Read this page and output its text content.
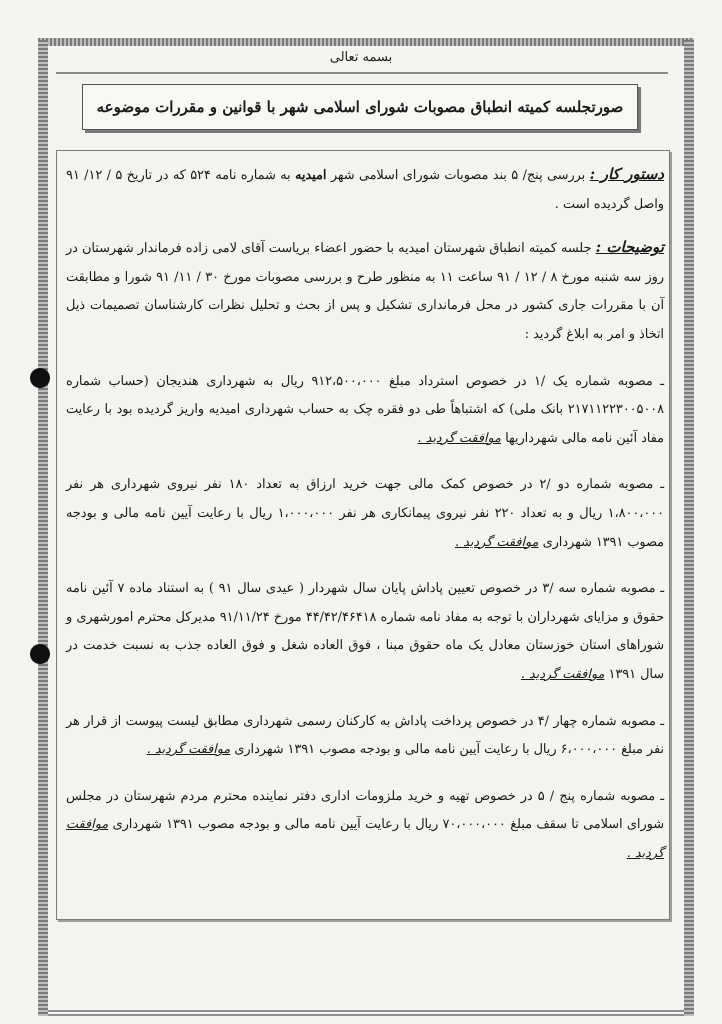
بسمه تعالی
صورتجلسه کمیته انطباق مصوبات شورای اسلامی شهر با قوانین و مقررات موضوعه

دستور کار : بررسی پنج/ ۵ بند مصوبات شورای اسلامی شهر امیدیه به شماره نامه ۵۲۴ که در تاریخ ۵ / ۱۲/ ۹۱ واصل گردیده است .

توضیحات : جلسه کمیته انطباق شهرستان امیدیه با حضور اعضاء بریاست آقای لامی زاده فرماندار شهرستان در روز سه شنبه مورخ ۸ / ۱۲ / ۹۱ ساعت ۱۱ به منظور طرح و بررسی مصوبات مورخ ۳۰ / ۱۱/ ۹۱ شورا و مطابقت آن با مقررات جاری کشور در محل فرمانداری تشکیل و پس از بحث و تحلیل نظرات کارشناسان تصمیمات ذیل اتخاذ و امر به ابلاغ گردید :

ـ مصوبه شماره یک /۱ در خصوص استرداد مبلغ ۹۱۲،۵۰۰،۰۰۰ ریال به شهرداری هندیجان (حساب شماره ۲۱۷۱۱۲۲۳۰۰۵۰۰۸ بانک ملی) که اشتباهاً طی دو فقره چک به حساب شهرداری امیدیه واریز گردیده بود با رعایت مفاد آئین نامه مالی شهرداریها موافقت گردید .

ـ مصوبه شماره دو /۲ در خصوص کمک مالی جهت خرید ارزاق به تعداد ۱۸۰ نفر نیروی شهرداری هر نفر ۱،۸۰۰،۰۰۰ ریال و به تعداد ۲۲۰ نفر نیروی پیمانکاری هر نفر ۱،۰۰۰،۰۰۰ ریال با رعایت آیین نامه مالی و بودجه مصوب ۱۳۹۱ شهرداری موافقت گردید .

ـ مصوبه شماره سه /۳ در خصوص تعیین پاداش پایان سال شهردار ( عیدی سال ۹۱ ) به استناد ماده ۷ آئین نامه حقوق و مزایای شهرداران با توجه به مفاد نامه شماره ۴۴/۴۲/۴۶۴۱۸ مورخ ۹۱/۱۱/۲۴ مدیرکل محترم امورشهری و شوراهای استان خوزستان معادل یک ماه حقوق مبنا ، فوق العاده شغل و فوق العاده جذب به نسبت خدمت در سال ۱۳۹۱ موافقت گردید .

ـ مصوبه شماره چهار /۴ در خصوص پرداخت پاداش به کارکنان رسمی شهرداری مطابق لیست پیوست از قرار هر نفر مبلغ ۶،۰۰۰،۰۰۰ ریال با رعایت آیین نامه مالی و بودجه مصوب ۱۳۹۱ شهرداری موافقت گردید .

ـ مصوبه شماره پنج / ۵ در خصوص تهیه و خرید ملزومات اداری دفتر نماینده محترم مردم شهرستان در مجلس شورای اسلامی تا سقف مبلغ ۷۰،۰۰۰،۰۰۰ ریال با رعایت آیین نامه مالی و بودجه مصوب ۱۳۹۱ شهرداری موافقت گردید .
